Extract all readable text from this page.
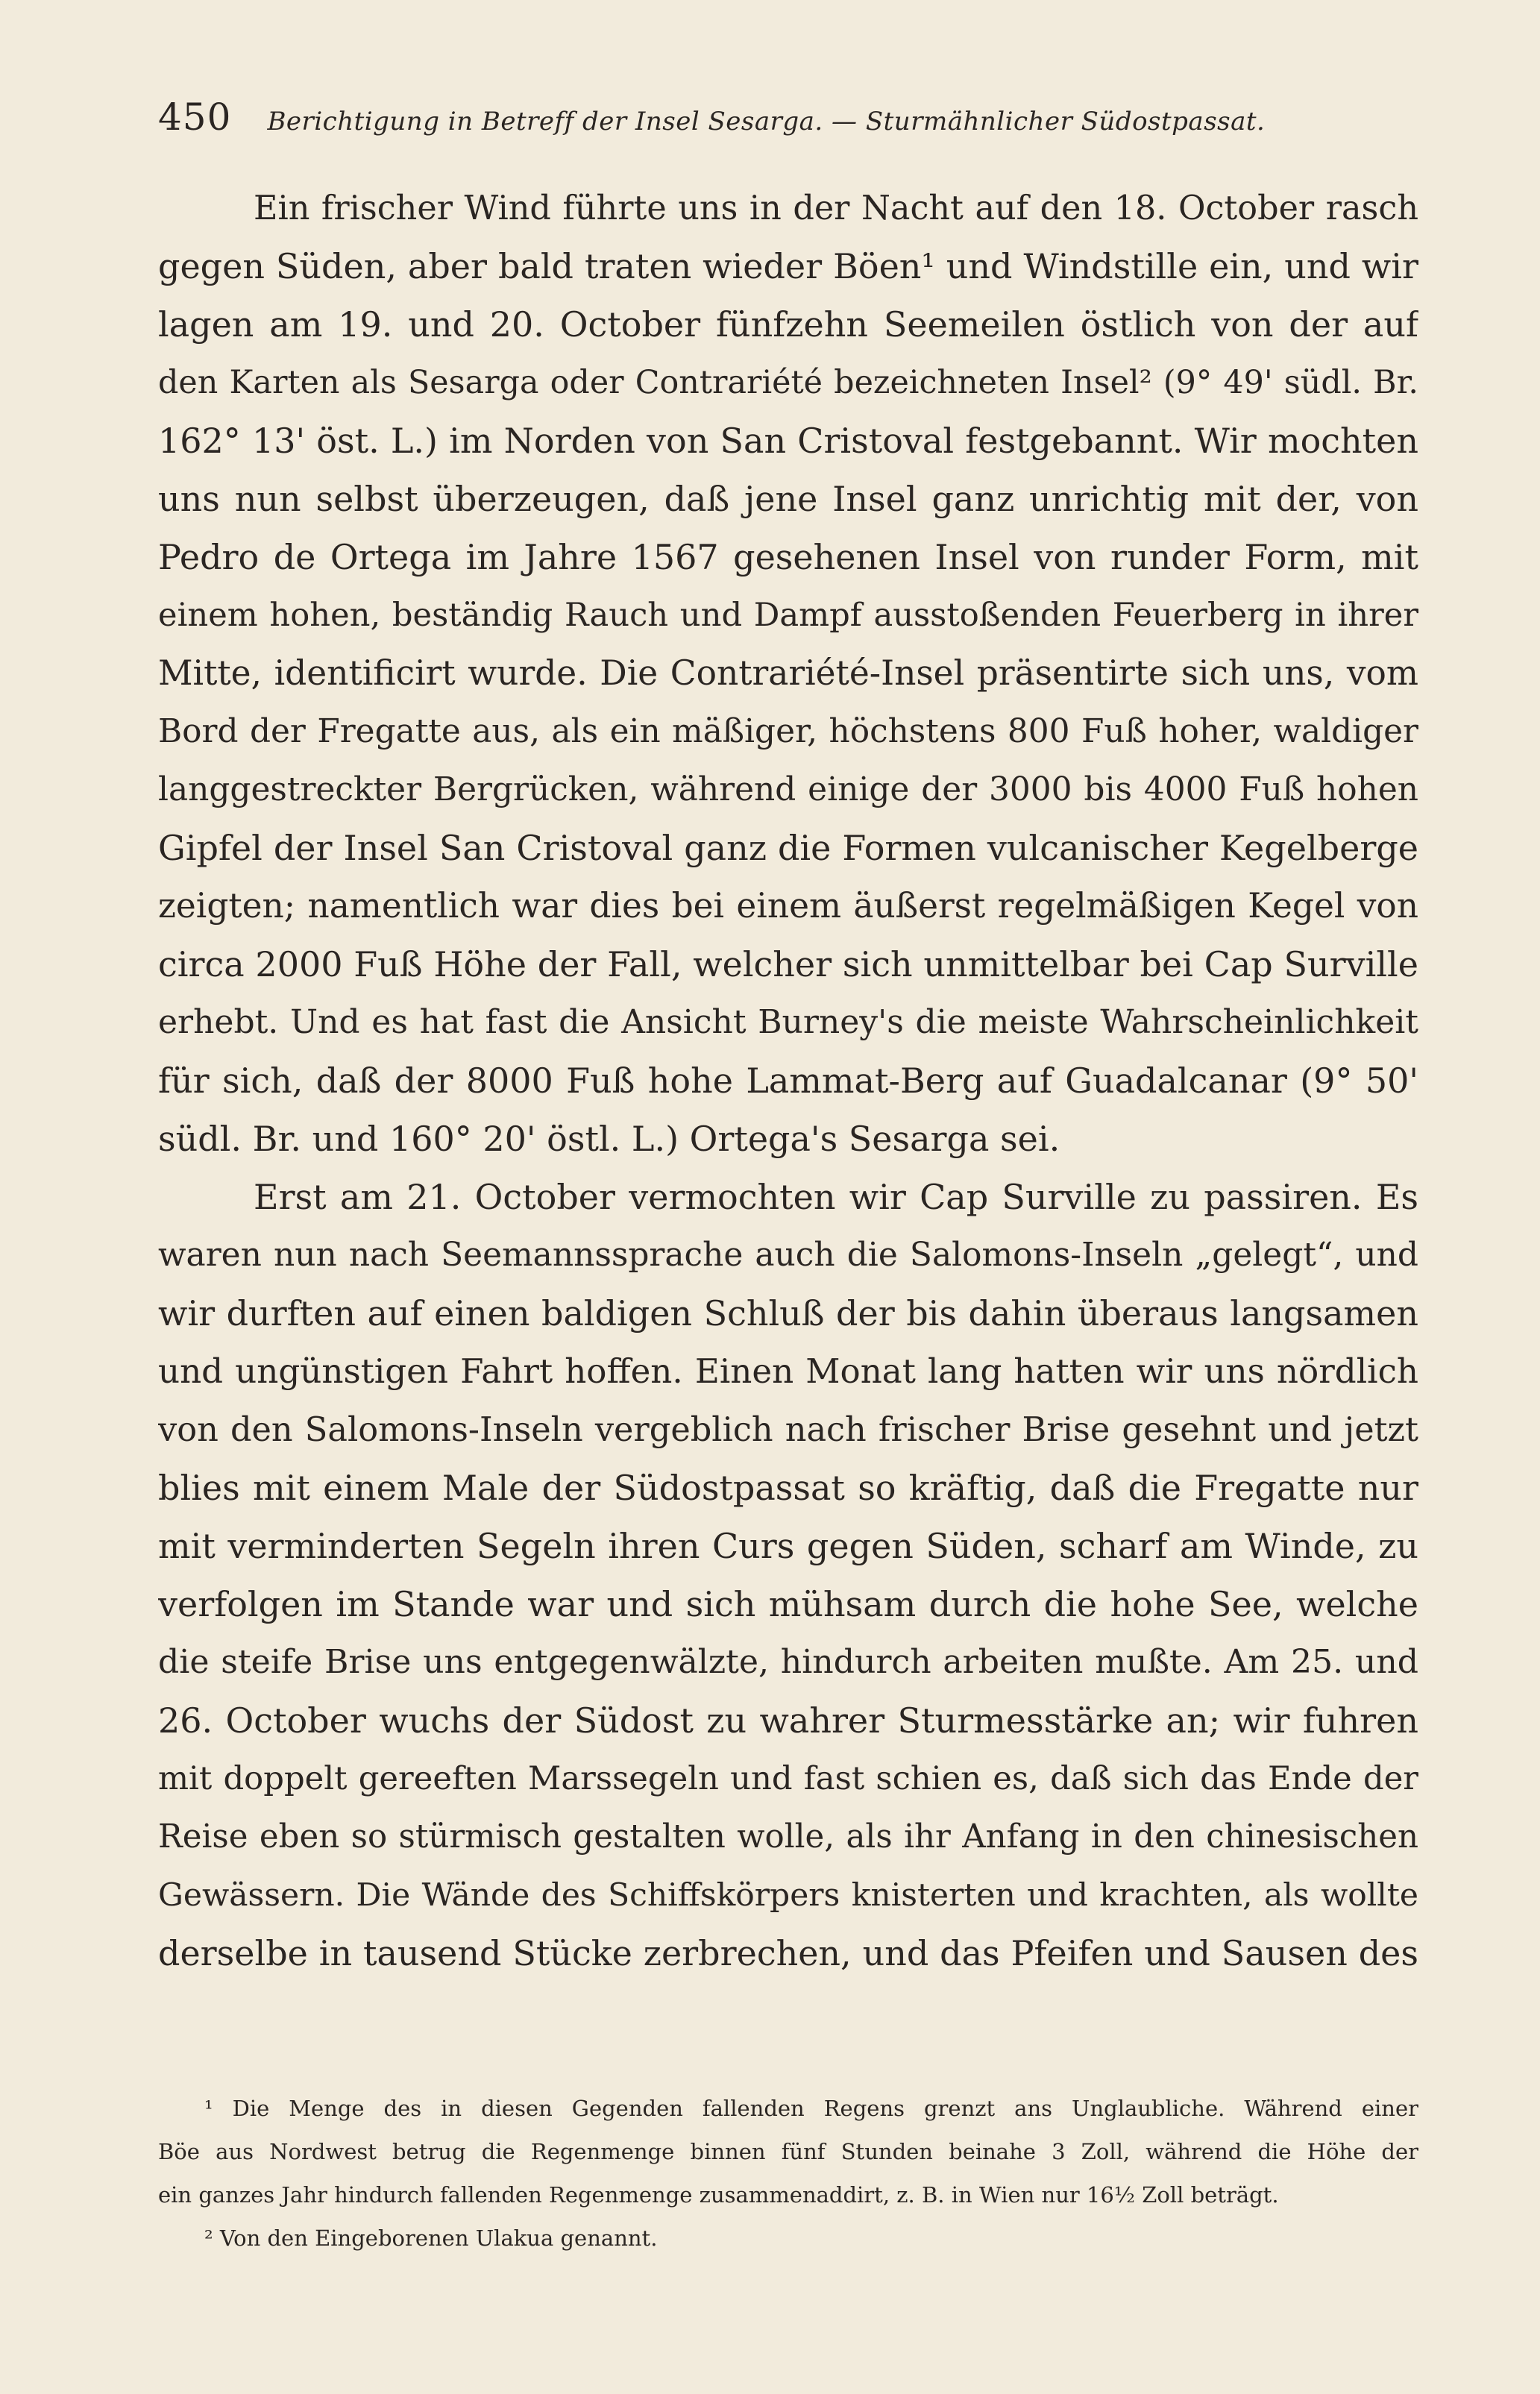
450 Berichtigung in Betreff der Insel Sesarga. — Sturmähnlicher Südostpassat.
Ein frischer Wind führte uns in der Nacht auf den 18. October rasch
gegen Süden, aber bald traten wieder Böen¹ und Windstille ein, und wir
lagen am 19. und 20. October fünfzehn Seemeilen östlich von der auf
den Karten als Sesarga oder Contrariété bezeichneten Insel² (9° 49' südl. Br.
162° 13' öst. L.) im Norden von San Cristoval festgebannt. Wir mochten
uns nun selbst überzeugen, daß jene Insel ganz unrichtig mit der, von
Pedro de Ortega im Jahre 1567 gesehenen Insel von runder Form, mit
einem hohen, beständig Rauch und Dampf ausstoßenden Feuerberg in ihrer
Mitte, identificirt wurde. Die Contrariété-Insel präsentirte sich uns, vom
Bord der Fregatte aus, als ein mäßiger, höchstens 800 Fuß hoher, waldiger
langgestreckter Bergrücken, während einige der 3000 bis 4000 Fuß hohen
Gipfel der Insel San Cristoval ganz die Formen vulcanischer Kegelberge
zeigten; namentlich war dies bei einem äußerst regelmäßigen Kegel von
circa 2000 Fuß Höhe der Fall, welcher sich unmittelbar bei Cap Surville
erhebt. Und es hat fast die Ansicht Burney's die meiste Wahrscheinlichkeit
für sich, daß der 8000 Fuß hohe Lammat-Berg auf Guadalcanar (9° 50'
südl. Br. und 160° 20' östl. L.) Ortega's Sesarga sei.
Erst am 21. October vermochten wir Cap Surville zu passiren. Es
waren nun nach Seemannssprache auch die Salomons-Inseln „gelegt“, und
wir durften auf einen baldigen Schluß der bis dahin überaus langsamen
und ungünstigen Fahrt hoffen. Einen Monat lang hatten wir uns nördlich
von den Salomons-Inseln vergeblich nach frischer Brise gesehnt und jetzt
blies mit einem Male der Südostpassat so kräftig, daß die Fregatte nur
mit verminderten Segeln ihren Curs gegen Süden, scharf am Winde, zu
verfolgen im Stande war und sich mühsam durch die hohe See, welche
die steife Brise uns entgegenwälzte, hindurch arbeiten mußte. Am 25. und
26. October wuchs der Südost zu wahrer Sturmesstärke an; wir fuhren
mit doppelt gereeften Marssegeln und fast schien es, daß sich das Ende der
Reise eben so stürmisch gestalten wolle, als ihr Anfang in den chinesischen
Gewässern. Die Wände des Schiffskörpers knisterten und krachten, als wollte
derselbe in tausend Stücke zerbrechen, und das Pfeifen und Sausen des
¹ Die Menge des in diesen Gegenden fallenden Regens grenzt ans Unglaubliche. Während einer
Böe aus Nordwest betrug die Regenmenge binnen fünf Stunden beinahe 3 Zoll, während die Höhe der
ein ganzes Jahr hindurch fallenden Regenmenge zusammenaddirt, z. B. in Wien nur 16½ Zoll beträgt.
² Von den Eingeborenen Ulakua genannt.
